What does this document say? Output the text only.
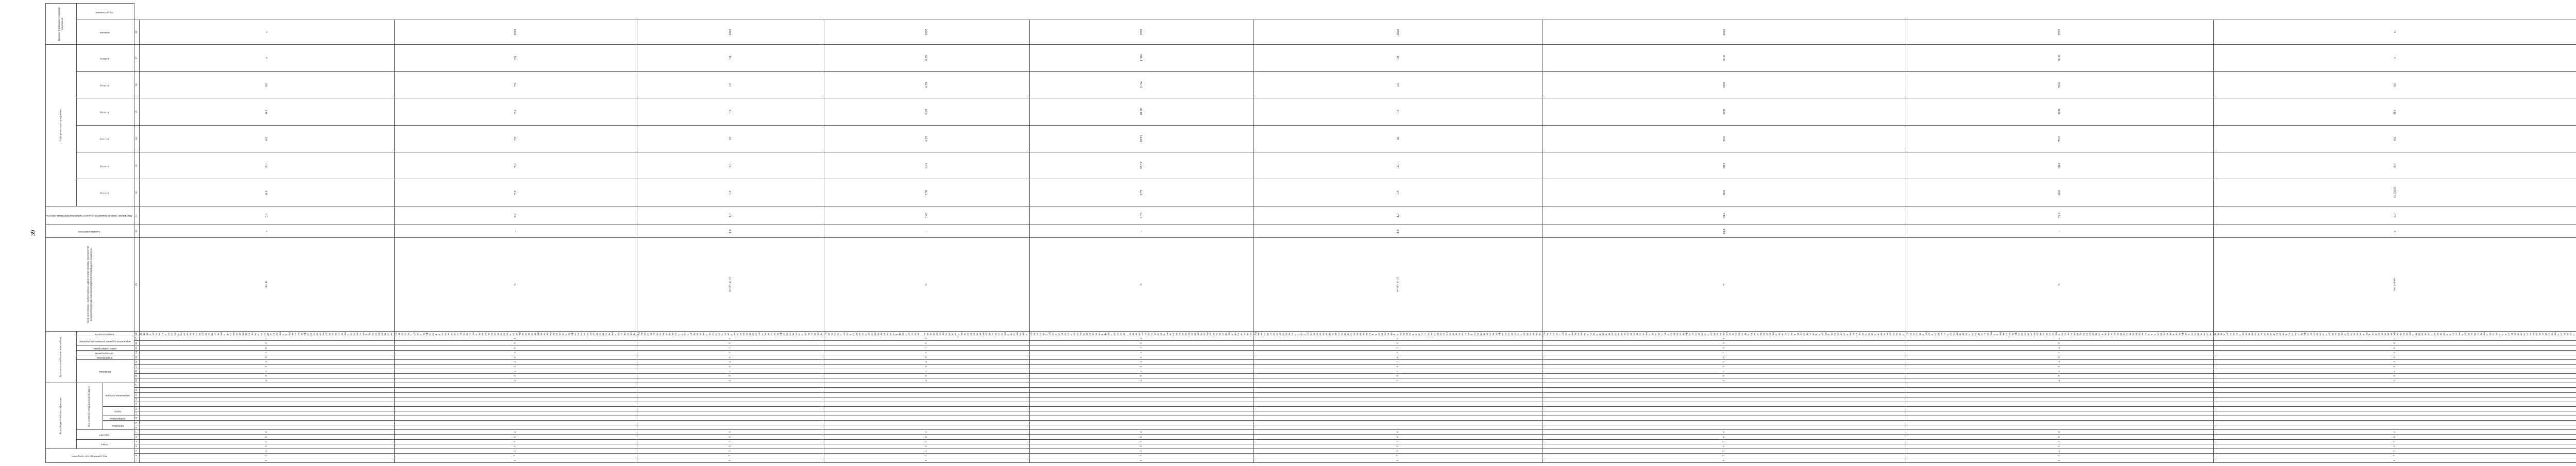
39
Код администратора программы			Коды бюджетной классификации														Дополнительный аналитический код											Цели программы, подпрограммы, задачи подпрограммы, мероприятия (административные мероприятия) подпрограммы и их показатели	Единица измерения	Фактическое значение показателя на момент разработки программы, 2014 год	Годы реализации программы						Целевое (суммарное) значение показателя	
			Раздел		Подраздел		Код целевой статьи расхода бюджета										программа					подпрограмма	цель программы	задача подпрограммы	мероприятие (административное мероприятие)		номер показателя				2015 год	2016 год	2017 год	2018 год	2019 год	2020 год	значение	год достижения
							программа		подпрограмма	задача		направление расходов																										
1	2	3	4	5	6	7	8	9	10	11	12	13	14	15	16	17	18	19	20	21	22	23	24	25	26	27	28	29	30	31	32	33	34	35	36	37	38	
0	7	5	0	7	0	4											2	8	4	0	2	0	0	0	0	0	Задача 2 «Развитие системы оценки качества образовательных достижений выпускников государственных бюджетных профессиональных образовательных организаций Тверской области»	нет/ да	х	0.0	0.0	0.0	0.0	0.0	0.0	х	х	
0	7	5	0	7	0	4											2	8	4	0	2	0	0	0	0	1	Показатель 1 «Доля профессий и специальностей, по которым проводится независимая сертификация квалификаций выпускников профессиональных образовательных организаций»	%	-	6.2	7.0	7.0	7.0	7.0	7.0	7.0	2020	
0	7	5	0	7	0	4											2	8	4	0	2	0	0	1	0	0	Административное мероприятие 2.001 «Управление процессом совершенствования системы качества профессионального образования»	нет (0)/ да (1)	1.0	1.0	1.0	1.0	1.0	1.0	1.0	1.0	2020	
0	7	5	0	7	0	4											2	8	4	0	2	0	0	1	0	1	Показатель 1 «Доля студентов, обучающихся по очной форме обучения, охваченных мониторинговыми исследованиями образовательных достижений»	%	-	5.45	5.50	6.16	6.22	6.29	6.29	6.29	2020	
0	7	5	0	7	0	4											2	8	4	0	2	0	0	1	0	2	Показатель 2 «Доля студентов, обучающихся по очной форме обучения, охваченных мониторинговыми исследованиями знаний по общеобразовательным дисциплинам»	%	-	9.70	9.73	10.53	10.93	10.98	11.04	11.04	2020	
0	7	5	0	7	0	4											2	8	4	0	2	0	0	2	0	0	Административное мероприятие 2.002 «Привлечение ведущих специалистов предприятий и организаций к проведению аттестации студентов в ходе независимой оценки качества профессионального образования»	нет (0)/ да (1)	1.0	1.0	1.0	1.0	1.0	1.0	1.0	1.0	2020	
0	7	5	0	7	0	4											2	8	4	0	2	0	0	2	0	1	Показатель 1 «Доля выпускников, завершивших обучение по образовательным программам среднего профессионального образования в отчетном году и сдавших экзамены в присутствии работодателей, в общей численности выпускников, завершивших обучение»	%	91.1	89.5	96.0	98.0	90.0	90.0	90.0	90.0	2020	
0	7	5	0	7	0	4											2	8	4	0	2	0	0	2	0	2	Показатель 2 «Доля студентов, обучающихся в государственных бюджетных профессиональных образовательных организациях Тверской области, принятых на работу на предприятия и в организации по профилю специальности»	%	-	55.0	60.0	68.0	70.0	80.0	90.0	90.0	2020	
0	7	5	0	7	0	4											2	8	4	0	3	0	0	0	0	0	Задача 3 «Развитие инновационно-производственной системы профессионального образования, обеспечивающей подготовку квалифицированных кадров через реализацию сетевых образовательных программ и создание кластерных образовательных структур»	тыс. рублей	х	0.0	11 720.0	0.0	0.0	0.0	0.0	х	х	
